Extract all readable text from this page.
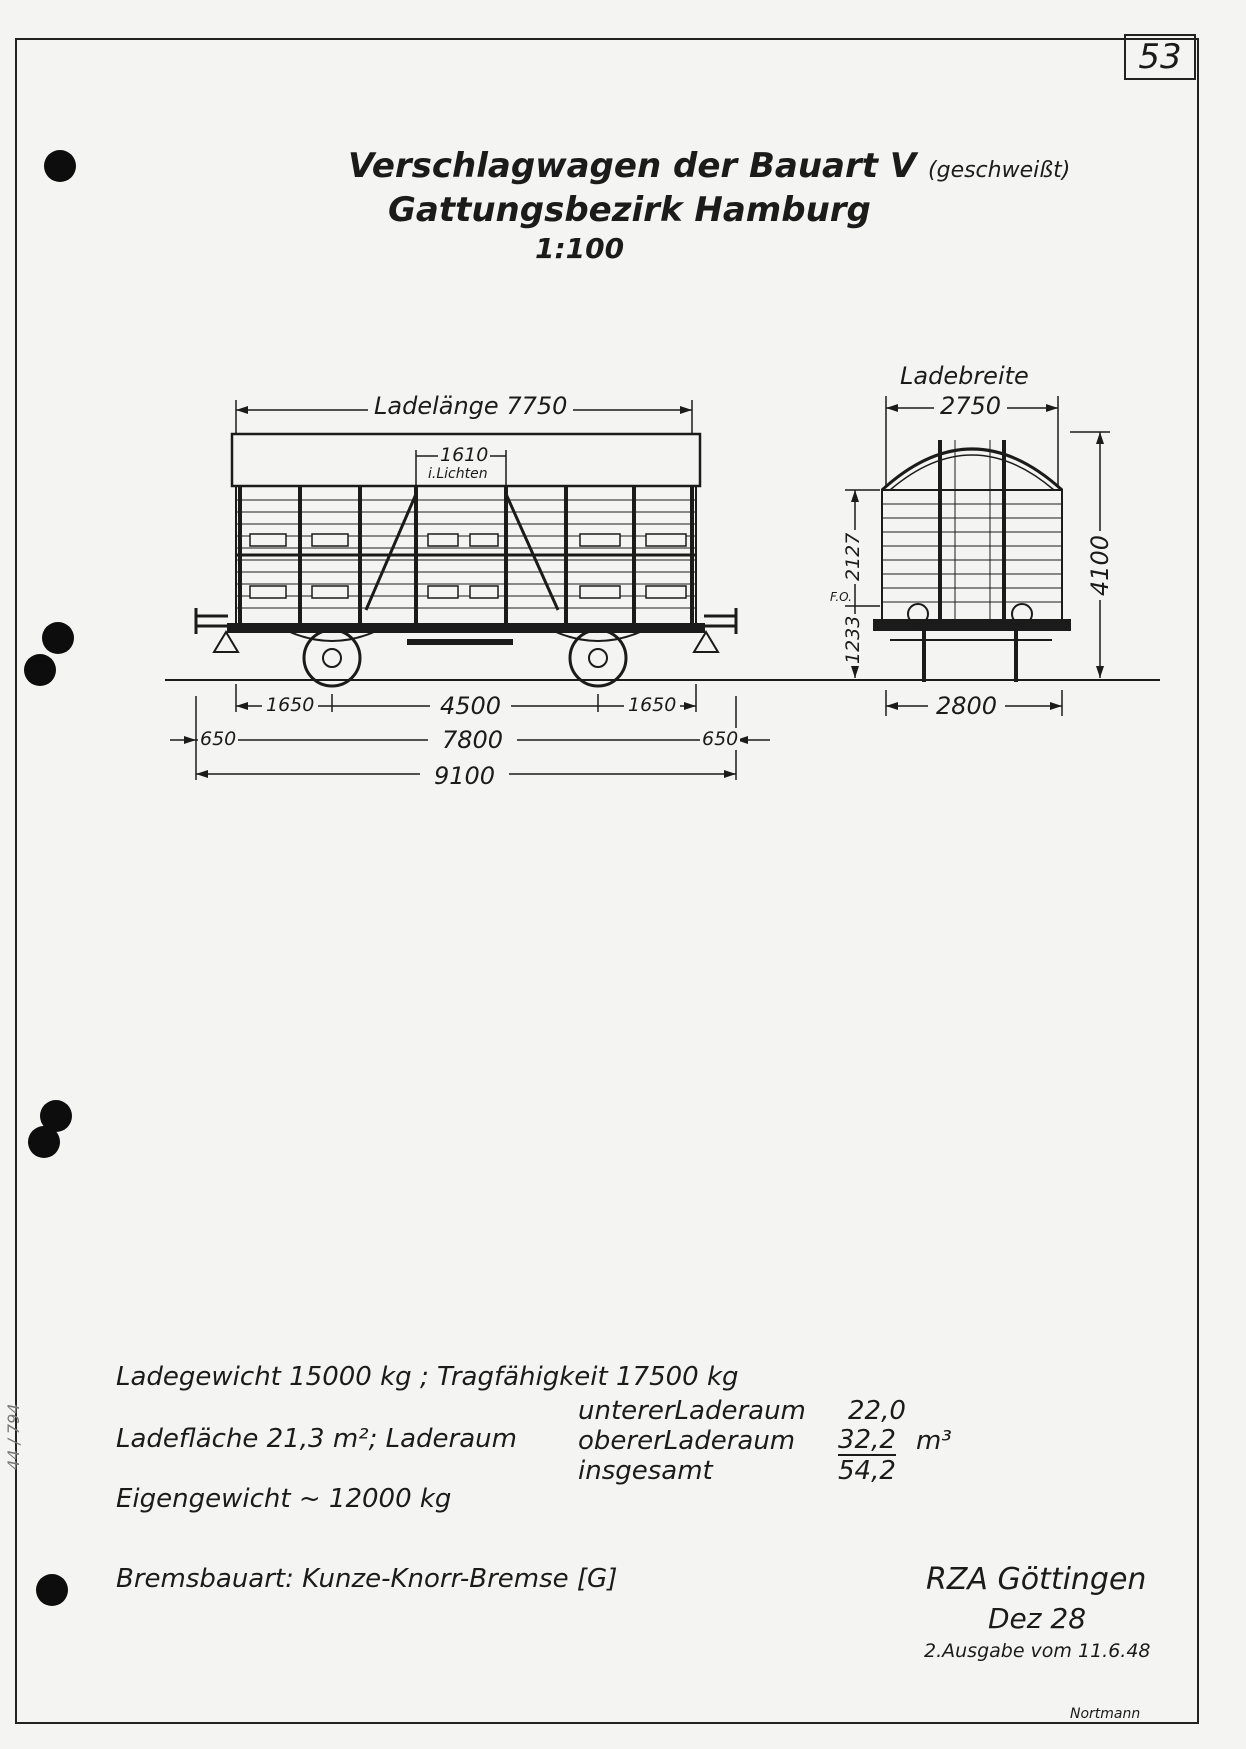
53
Verschlagwagen der Bauart V (geschweißt)
Gattungsbezirk Hamburg
1:100
Ladelänge 7750
1610
i.Lichten
1650	4500	1650
650	7800	650
9100
Ladebreite
2750
2127
F.O.
1233
4100
2800
Ladegewicht 15000 kg ; Tragfähigkeit 17500 kg
Ladefläche 21,3 m²; Laderaum
untererLaderaum 22,0
obererLaderaum 32,2
insgesamt	54,2
m³
Eigengewicht ~ 12000 kg
Bremsbauart: Kunze-Knorr-Bremse [G]	RZA Göttingen
Dez 28
2.Ausgabe vom 11.6.48
Nortmann
44 / 794
